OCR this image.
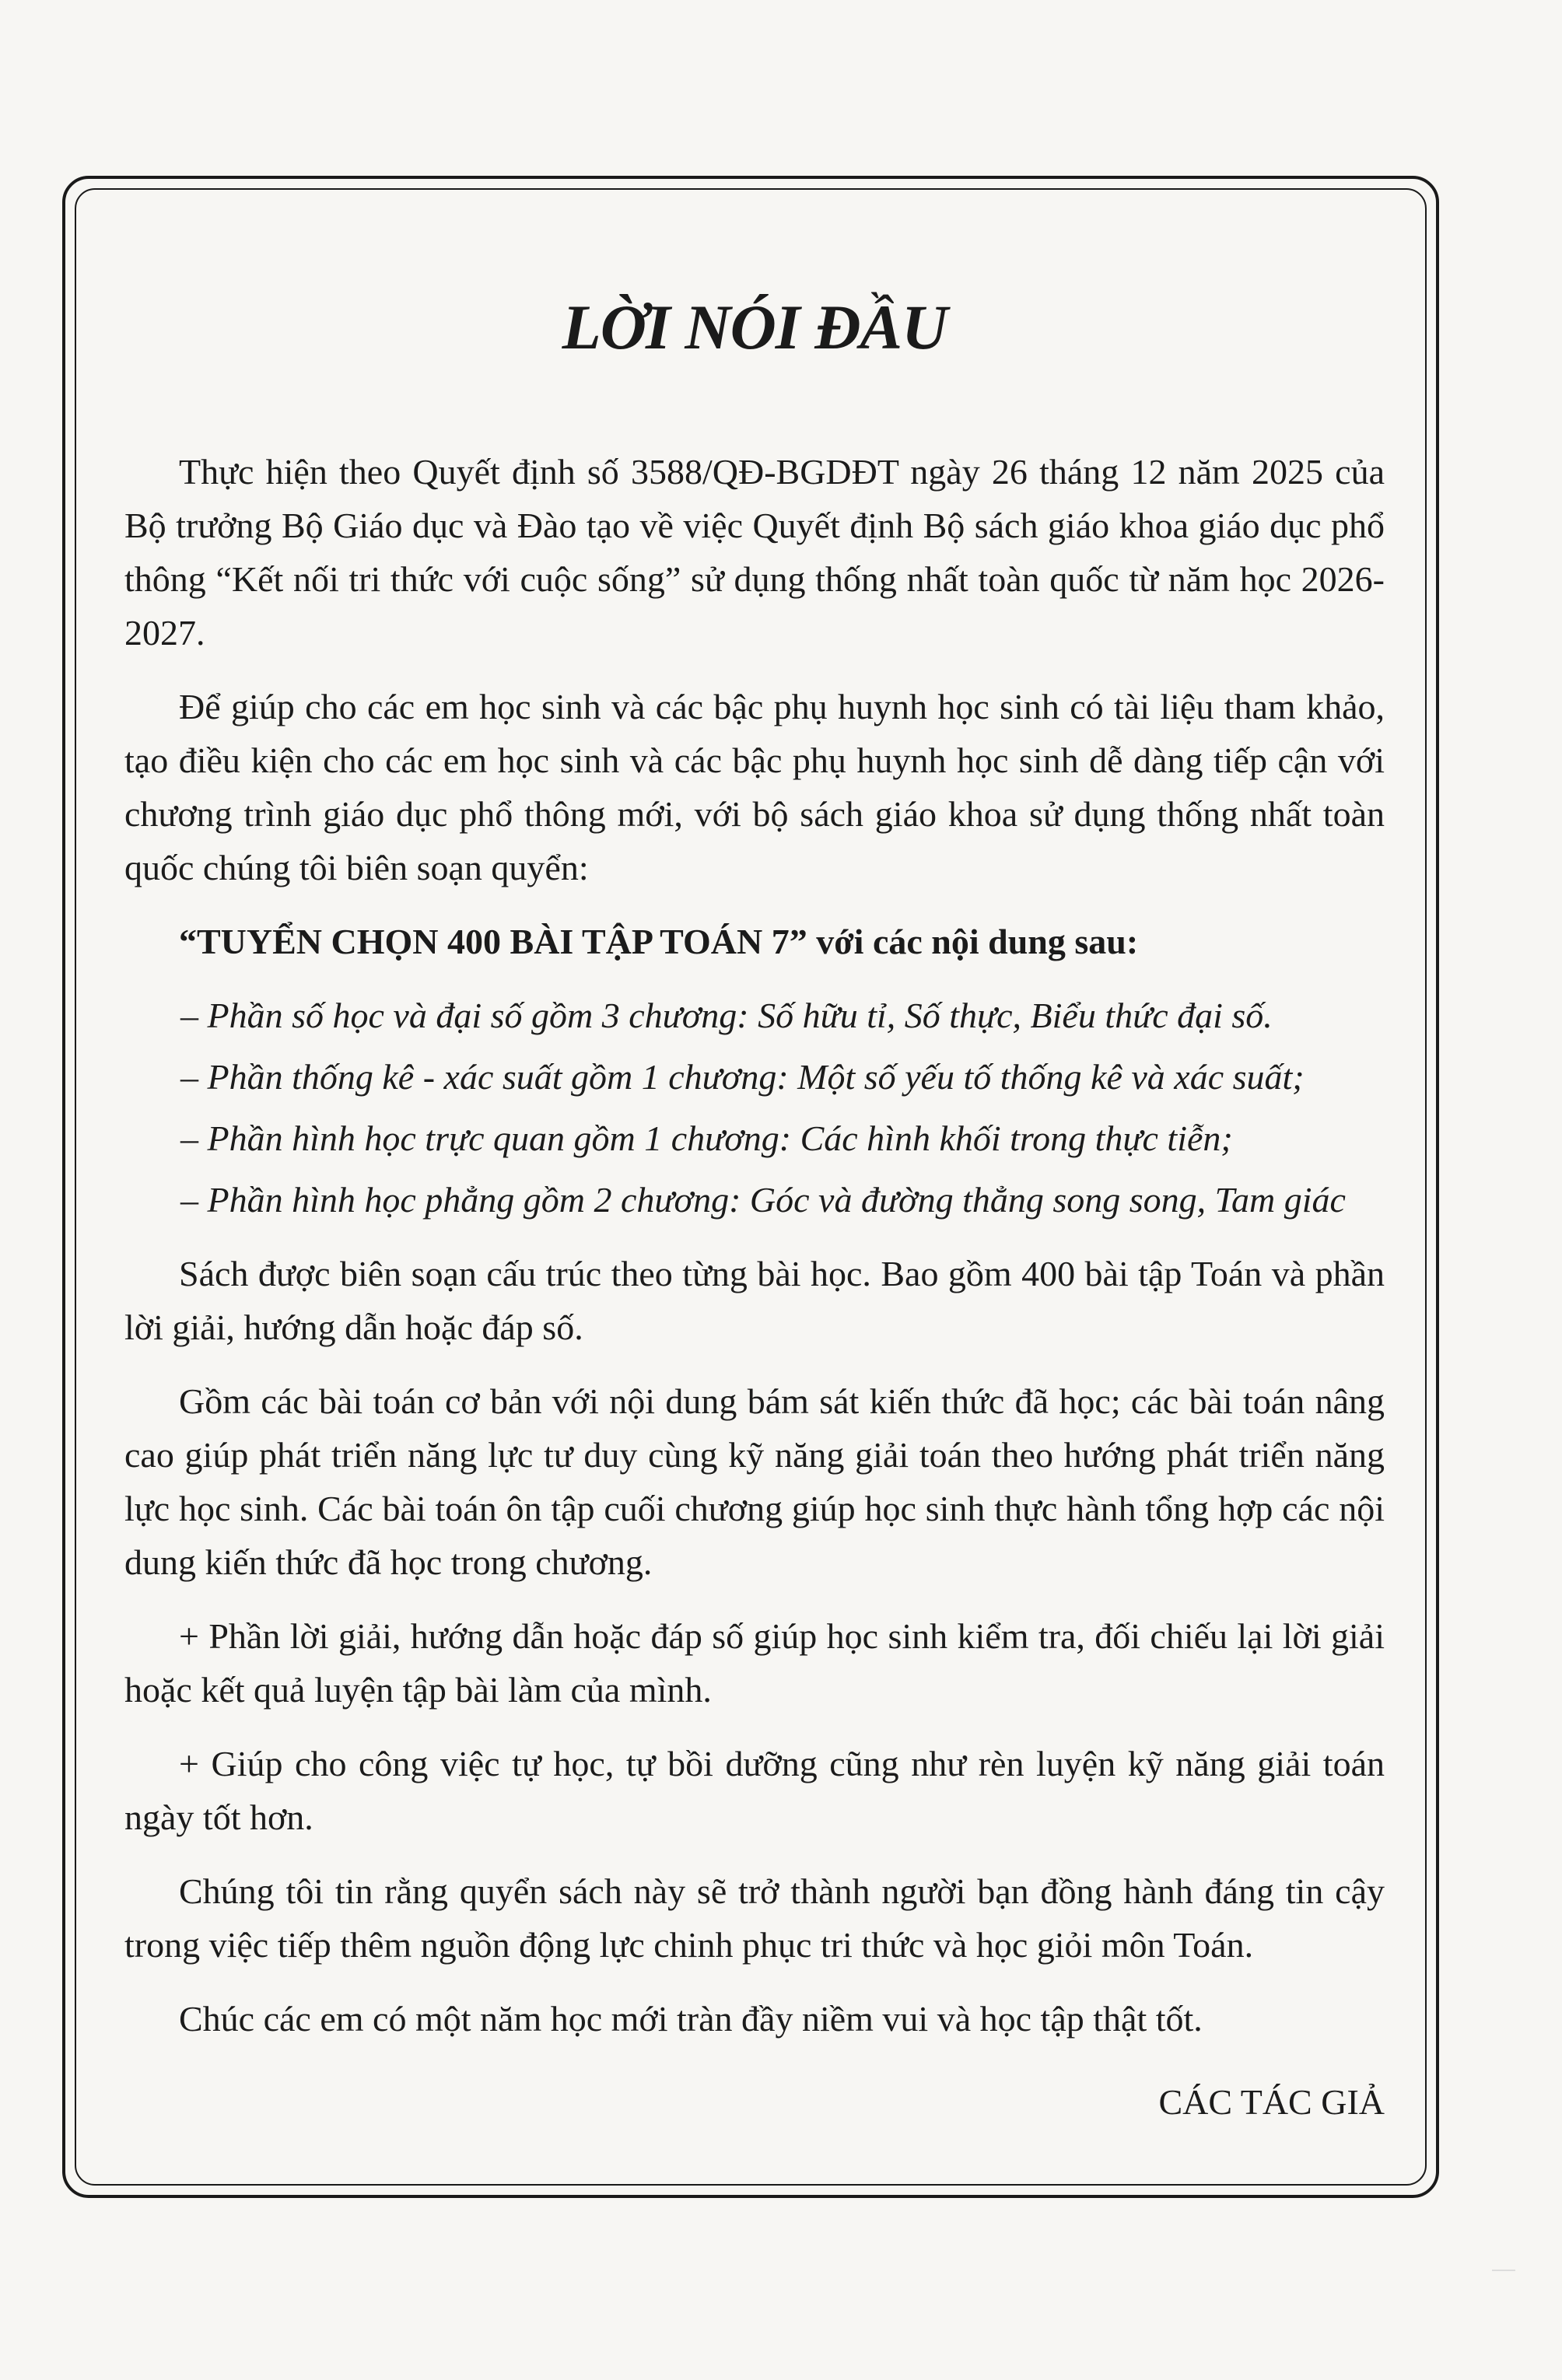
LỜI NÓI ĐẦU

Thực hiện theo Quyết định số 3588/QĐ-BGDĐT ngày 26 tháng 12 năm 2025 của Bộ trưởng Bộ Giáo dục và Đào tạo về việc Quyết định Bộ sách giáo khoa giáo dục phổ thông “Kết nối tri thức với cuộc sống” sử dụng thống nhất toàn quốc từ năm học 2026-2027.

Để giúp cho các em học sinh và các bậc phụ huynh học sinh có tài liệu tham khảo, tạo điều kiện cho các em học sinh và các bậc phụ huynh học sinh dễ dàng tiếp cận với chương trình giáo dục phổ thông mới, với bộ sách giáo khoa sử dụng thống nhất toàn quốc chúng tôi biên soạn quyển:

“TUYỂN CHỌN 400 BÀI TẬP TOÁN 7” với các nội dung sau:

– Phần số học và đại số gồm 3 chương: Số hữu tỉ, Số thực, Biểu thức đại số.
– Phần thống kê - xác suất gồm 1 chương: Một số yếu tố thống kê và xác suất;
– Phần hình học trực quan gồm 1 chương: Các hình khối trong thực tiễn;
– Phần hình học phẳng gồm 2 chương: Góc và đường thẳng song song, Tam giác

Sách được biên soạn cấu trúc theo từng bài học. Bao gồm 400 bài tập Toán và phần lời giải, hướng dẫn hoặc đáp số.

Gồm các bài toán cơ bản với nội dung bám sát kiến thức đã học; các bài toán nâng cao giúp phát triển năng lực tư duy cùng kỹ năng giải toán theo hướng phát triển năng lực học sinh. Các bài toán ôn tập cuối chương giúp học sinh thực hành tổng hợp các nội dung kiến thức đã học trong chương.

+ Phần lời giải, hướng dẫn hoặc đáp số giúp học sinh kiểm tra, đối chiếu lại lời giải hoặc kết quả luyện tập bài làm của mình.

+ Giúp cho công việc tự học, tự bồi dưỡng cũng như rèn luyện kỹ năng giải toán ngày tốt hơn.

Chúng tôi tin rằng quyển sách này sẽ trở thành người bạn đồng hành đáng tin cậy trong việc tiếp thêm nguồn động lực chinh phục tri thức và học giỏi môn Toán.

Chúc các em có một năm học mới tràn đầy niềm vui và học tập thật tốt.

CÁC TÁC GIẢ
